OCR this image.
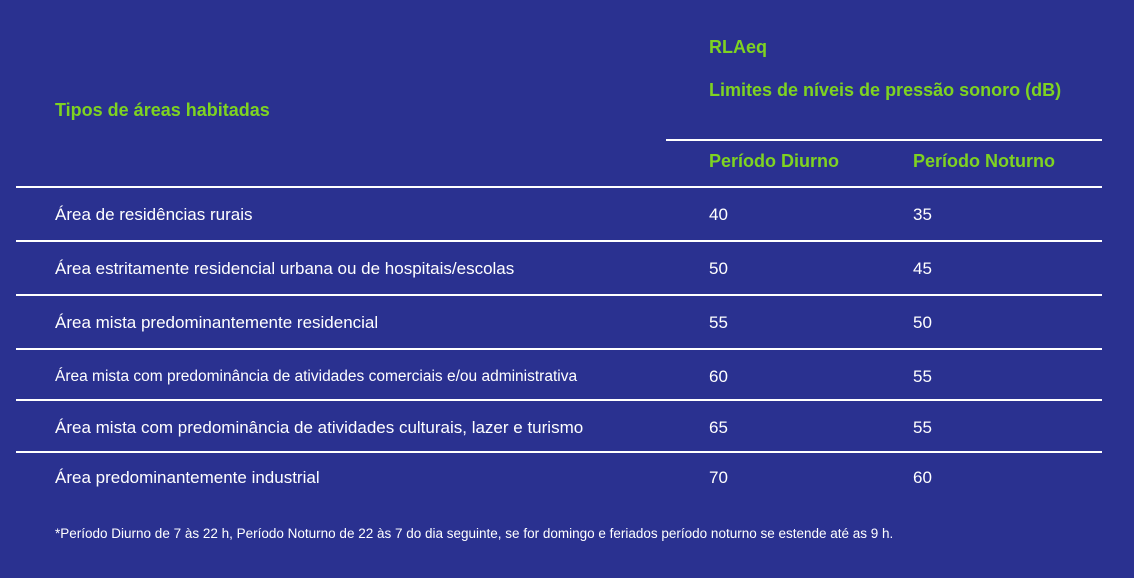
Tipos de áreas habitadas
RLAeq
Limites de níveis de pressão sonoro (dB)
Período Diurno	Período Noturno
Área de residências rurais	40	35
Área estritamente residencial urbana ou de hospitais/escolas	50	45
Área mista predominantemente residencial	55	50
Área mista com predominância de atividades comerciais e/ou administrativa	60	55
Área mista com predominância de atividades culturais, lazer e turismo	65	55
Área predominantemente industrial	70	60
*Período Diurno de 7 às 22 h, Período Noturno de 22 às 7 do dia seguinte, se for domingo e feriados período noturno se estende até as 9 h.
